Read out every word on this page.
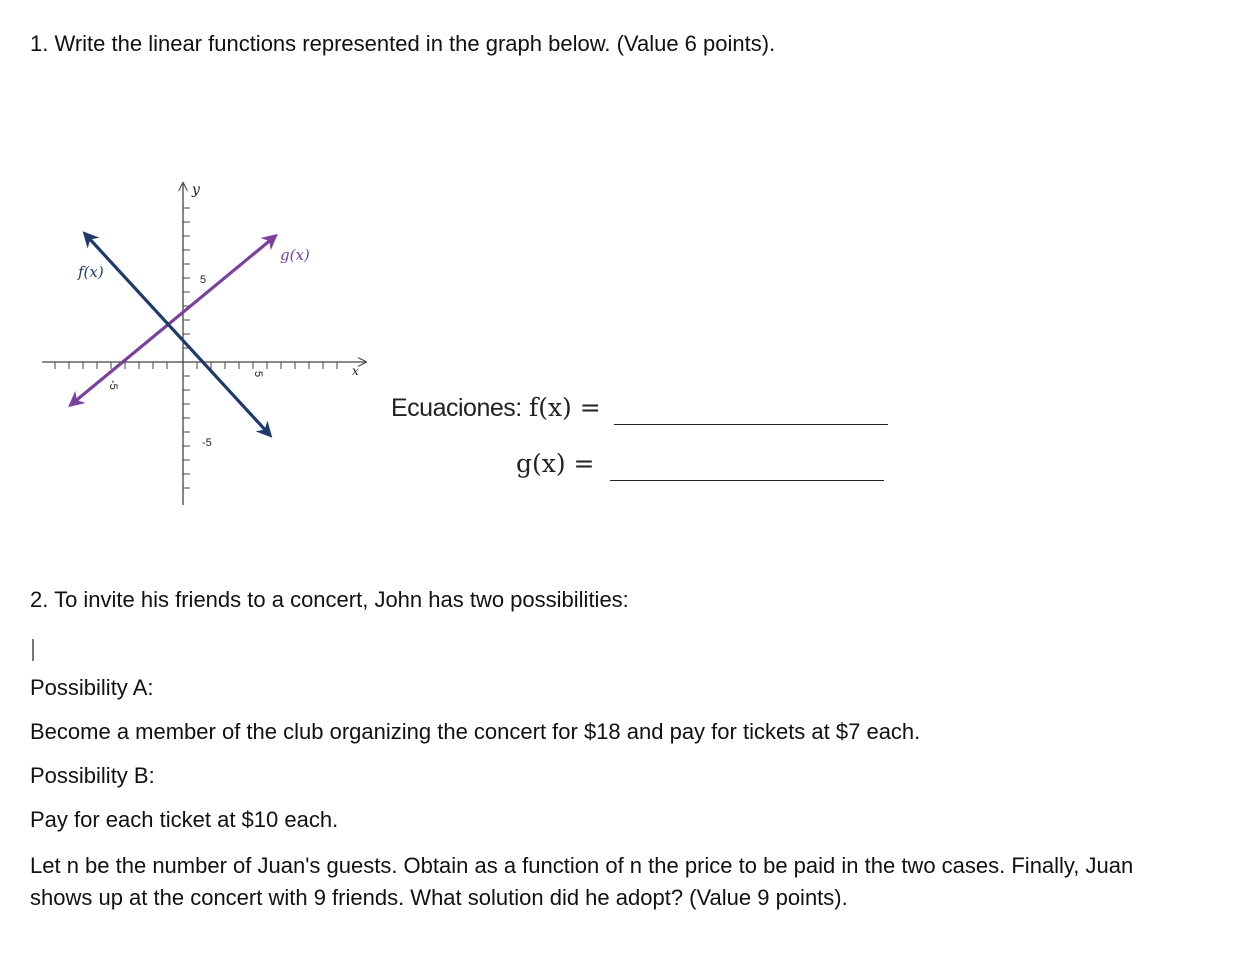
1. Write the linear functions represented in the graph below. (Value 6 points).
-5
5
5
-5
y
x
f(x)
g(x)
Ecuaciones: f(x) =
g(x) =
2. To invite his friends to a concert, John has two possibilities:
Possibility A:
Become a member of the club organizing the concert for $18 and pay for tickets at $7 each.
Possibility B:
Pay for each ticket at $10 each.
Let n be the number of Juan's guests. Obtain as a function of n the price to be paid in the two cases. Finally, Juan
shows up at the concert with 9 friends. What solution did he adopt? (Value 9 points).
